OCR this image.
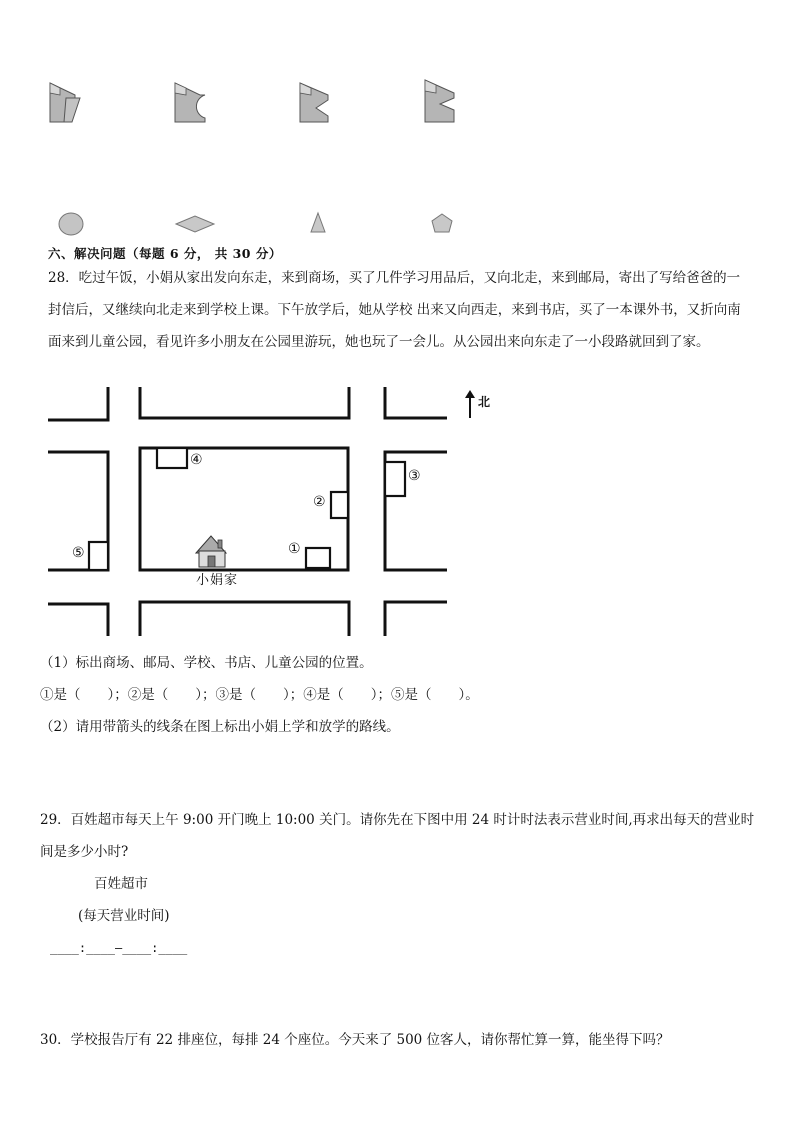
六、解决问题（每题 6 分， 共 30 分）
28．吃过午饭，小娟从家出发向东走，来到商场，买了几件学习用品后，又向北走，来到邮局，寄出了写给爸爸的一
封信后，又继续向北走来到学校上课。下午放学后，她从学校 出来又向西走，来到书店，买了一本课外书，又折向南
面来到儿童公园，看见许多小朋友在公园里游玩，她也玩了一会儿。从公园出来向东走了一小段路就回到了家。
④
②
③
⑤	①
北
小娟家
（1）标出商场、邮局、学校、书店、儿童公园的位置。
①是（　　）；②是（　　）；③是（　　）；④是（　　）；⑤是（　　）。
（2）请用带箭头的线条在图上标出小娟上学和放学的路线。
29．百姓超市每天上午 9:00 开门晚上 10:00 关门。请你先在下图中用 24 时计时法表示营业时间,再求出每天的营业时
间是多少小时?
百姓超市
(每天营业时间)
____:____—____:____
30．学校报告厅有 22 排座位，每排 24 个座位。今天来了 500 位客人，请你帮忙算一算，能坐得下吗？
